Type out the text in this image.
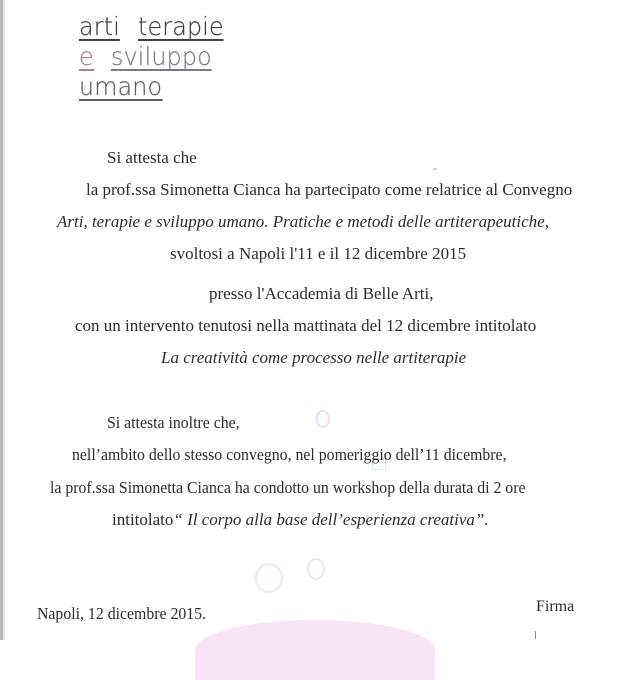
arti terapie
e sviluppo
umano
Si attesta che
la prof.ssa Simonetta Cianca ha partecipato come relatrice al Convegno
Arti, terapie e sviluppo umano. Pratiche e metodi delle artiterapeutiche,
svoltosi a Napoli l'11 e il 12 dicembre 2015
presso l'Accademia di Belle Arti,
con un intervento tenutosi nella mattinata del 12 dicembre intitolato
La creatività come processo nelle artiterapie
Si attesta inoltre che,
nell’ambito dello stesso convegno, nel pomeriggio dell’11 dicembre,
la prof.ssa Simonetta Cianca ha condotto un workshop della durata di 2 ore
intitolato“ Il corpo alla base dell’esperienza creativa”.
Napoli, 12 dicembre 2015.	Firma
